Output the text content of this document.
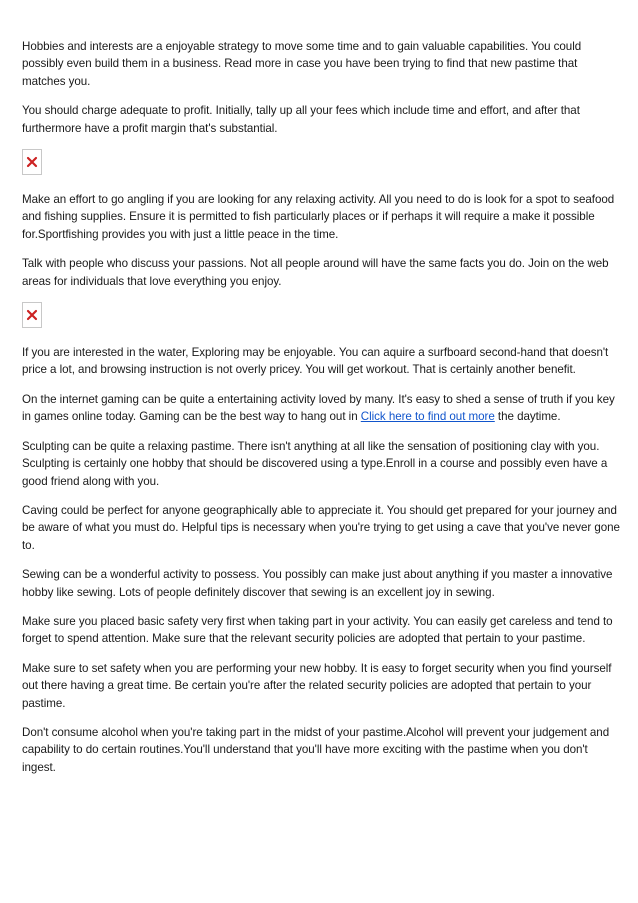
Hobbies and interests are a enjoyable strategy to move some time and to gain valuable capabilities. You could possibly even build them in a business. Read more in case you have been trying to find that new pastime that matches you.

You should charge adequate to profit. Initially, tally up all your fees which include time and effort, and after that furthermore have a profit margin that's substantial.

Make an effort to go angling if you are looking for any relaxing activity. All you need to do is look for a spot to seafood and fishing supplies. Ensure it is permitted to fish particularly places or if perhaps it will require a make it possible for.Sportfishing provides you with just a little peace in the time.

Talk with people who discuss your passions. Not all people around will have the same facts you do. Join on the web areas for individuals that love everything you enjoy.

If you are interested in the water, Exploring may be enjoyable. You can aquire a surfboard second-hand that doesn't price a lot, and browsing instruction is not overly pricey. You will get workout. That is certainly another benefit.

On the internet gaming can be quite a entertaining activity loved by many. It's easy to shed a sense of truth if you key in games online today. Gaming can be the best way to hang out in Click here to find out more the daytime.

Sculpting can be quite a relaxing pastime. There isn't anything at all like the sensation of positioning clay with you. Sculpting is certainly one hobby that should be discovered using a type.Enroll in a course and possibly even have a good friend along with you.

Caving could be perfect for anyone geographically able to appreciate it. You should get prepared for your journey and be aware of what you must do. Helpful tips is necessary when you're trying to get using a cave that you've never gone to.

Sewing can be a wonderful activity to possess. You possibly can make just about anything if you master a innovative hobby like sewing. Lots of people definitely discover that sewing is an excellent joy in sewing.

Make sure you placed basic safety very first when taking part in your activity. You can easily get careless and tend to forget to spend attention. Make sure that the relevant security policies are adopted that pertain to your pastime.

Make sure to set safety when you are performing your new hobby. It is easy to forget security when you find yourself out there having a great time. Be certain you're after the related security policies are adopted that pertain to your pastime.

Don't consume alcohol when you're taking part in the midst of your pastime.Alcohol will prevent your judgement and capability to do certain routines.You'll understand that you'll have more exciting with the pastime when you don't ingest.
